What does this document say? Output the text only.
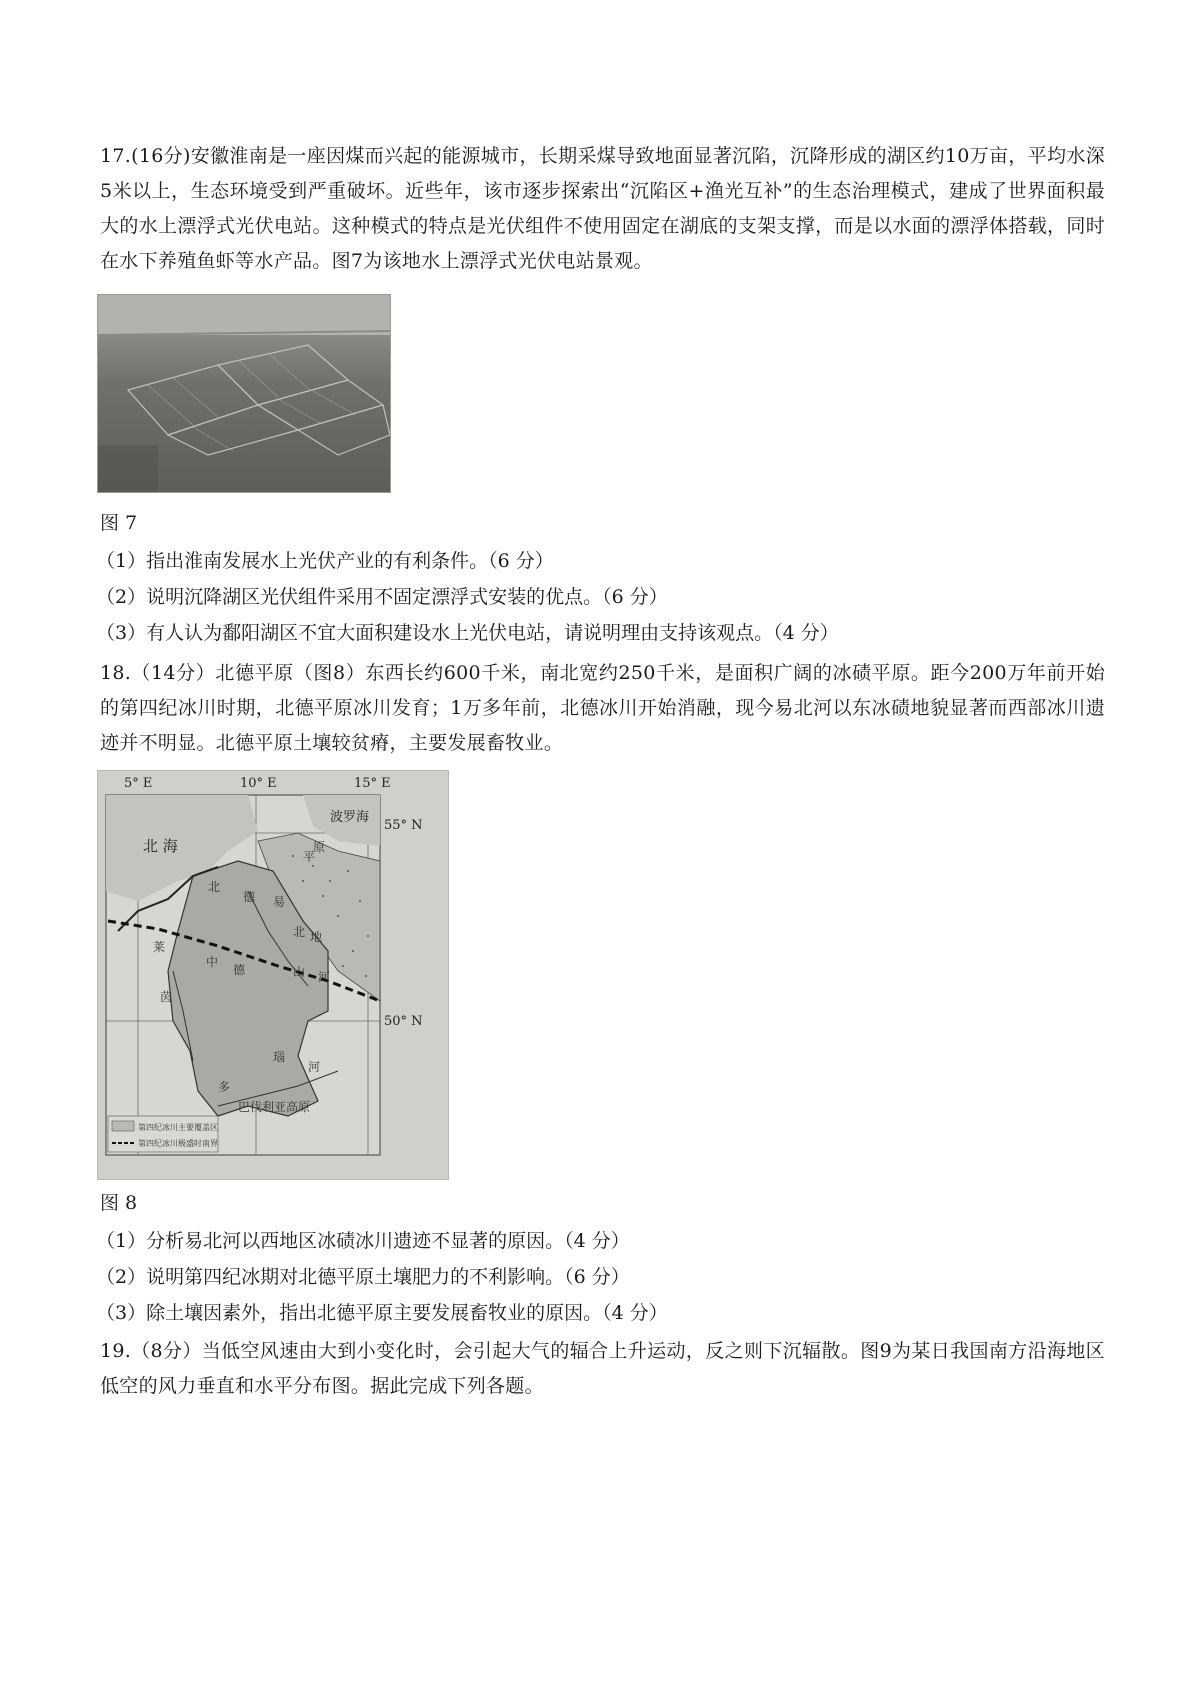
17.(16分)安徽淮南是一座因煤而兴起的能源城市，长期采煤导致地面显著沉陷，沉降形成的湖区约10万亩，平均水深5米以上，生态环境受到严重破坏。近些年，该市逐步探索出“沉陷区+渔光互补”的生态治理模式，建成了世界面积最大的水上漂浮式光伏电站。这种模式的特点是光伏组件不使用固定在湖底的支架支撑，而是以水面的漂浮体搭载，同时在水下养殖鱼虾等水产品。图7为该地水上漂浮式光伏电站景观。

图 7

（1）指出淮南发展水上光伏产业的有利条件。（6 分）

（2）说明沉降湖区光伏组件采用不固定漂浮式安装的优点。（6 分）

（3）有人认为鄱阳湖区不宜大面积建设水上光伏电站，请说明理由支持该观点。（4 分）

18.（14分）北德平原（图8）东西长约600千米，南北宽约250千米，是面积广阔的冰碛平原。距今200万年前开始的第四纪冰川时期，北德平原冰川发育；1万多年前，北德冰川开始消融，现今易北河以东冰碛地貌显著而西部冰川遗迹并不明显。北德平原土壤较贫瘠，主要发展畜牧业。

5° E	10° E	15° E
55° N
50° N
北 海
波罗海
北
德
平
原
易
北
河
中
德	山
地
莱
茵
多
瑙
河
巴伐利亚高原
第四纪冰川主要覆盖区
第四纪冰川极盛时南界
图 8

（1）分析易北河以西地区冰碛冰川遗迹不显著的原因。（4 分）

（2）说明第四纪冰期对北德平原土壤肥力的不利影响。（6 分）

（3）除土壤因素外，指出北德平原主要发展畜牧业的原因。（4 分）

19.（8分）当低空风速由大到小变化时，会引起大气的辐合上升运动，反之则下沉辐散。图9为某日我国南方沿海地区低空的风力垂直和水平分布图。据此完成下列各题。
